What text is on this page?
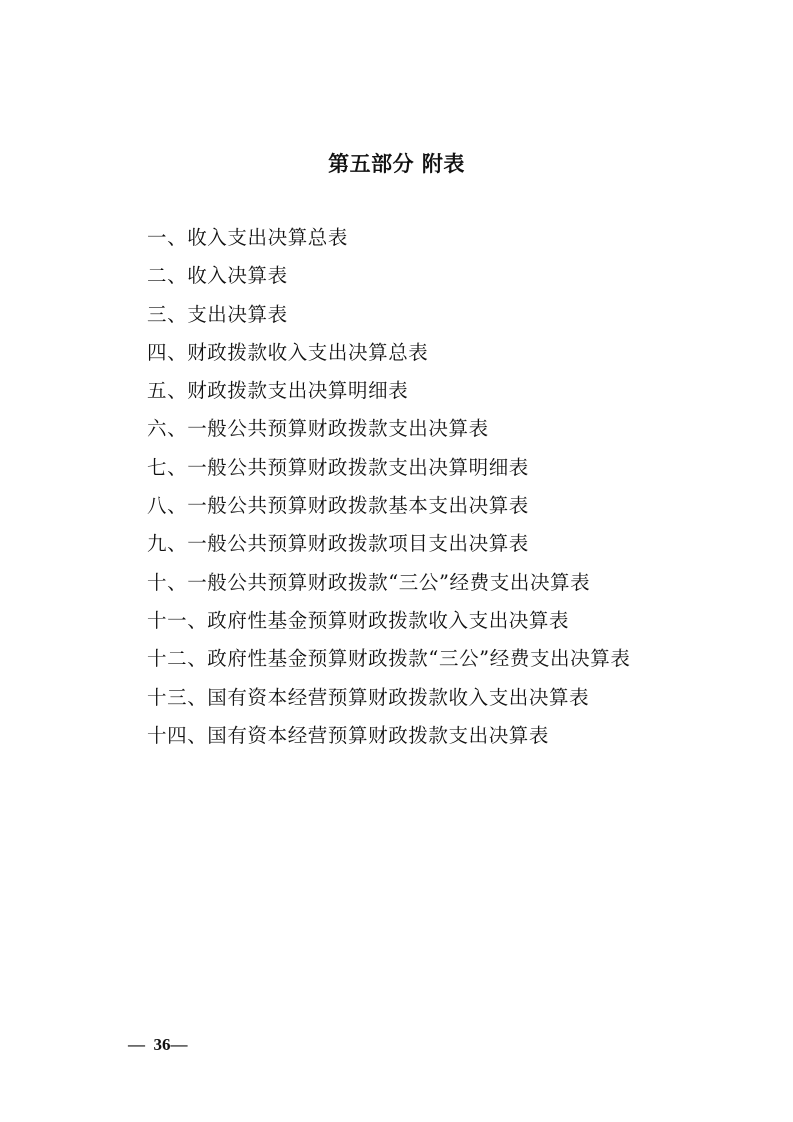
第五部分 附表
一、收入支出决算总表
二、收入决算表
三、支出决算表
四、财政拨款收入支出决算总表
五、财政拨款支出决算明细表
六、一般公共预算财政拨款支出决算表
七、一般公共预算财政拨款支出决算明细表
八、一般公共预算财政拨款基本支出决算表
九、一般公共预算财政拨款项目支出决算表
十、一般公共预算财政拨款“三公”经费支出决算表
十一、政府性基金预算财政拨款收入支出决算表
十二、政府性基金预算财政拨款“三公”经费支出决算表
十三、国有资本经营预算财政拨款收入支出决算表
十四、国有资本经营预算财政拨款支出决算表
—  36—
